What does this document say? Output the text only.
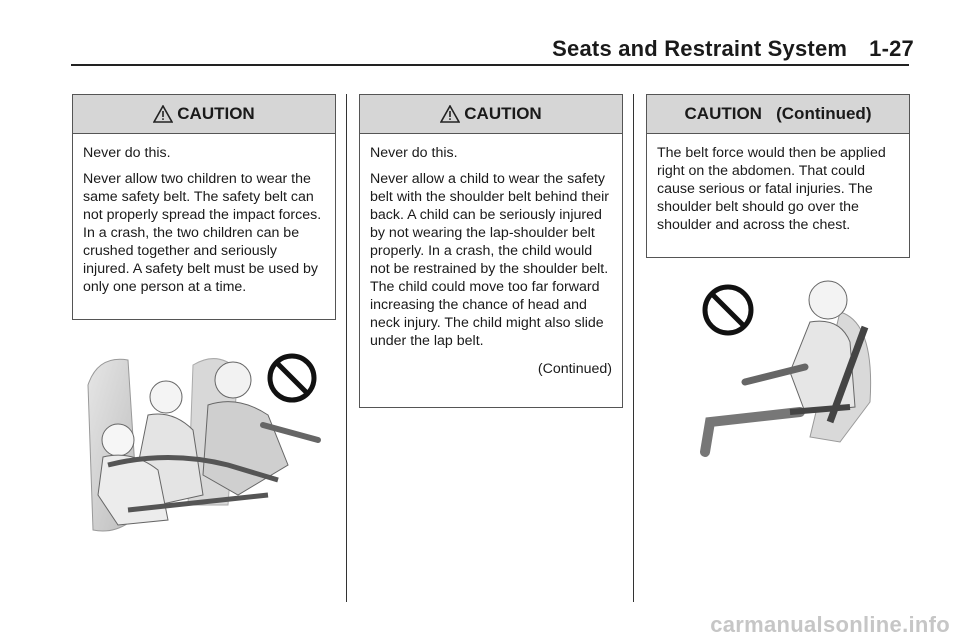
Seats and Restraint System 1-27
CAUTION

Never do this.

Never allow two children to wear the same safety belt. The safety belt can not properly spread the impact forces. In a crash, the two children can be crushed together and seriously injured. A safety belt must be used by only one person at a time.

CAUTION

Never do this.

Never allow a child to wear the safety belt with the shoulder belt behind their back. A child can be seriously injured by not wearing the lap-shoulder belt properly. In a crash, the child would not be restrained by the shoulder belt. The child could move too far forward increasing the chance of head and neck injury. The child might also slide under the lap belt.

(Continued)

CAUTION   (Continued)

The belt force would then be applied right on the abdomen. That could cause serious or fatal injuries. The shoulder belt should go over the shoulder and across the chest.

carmanualsonline.info
